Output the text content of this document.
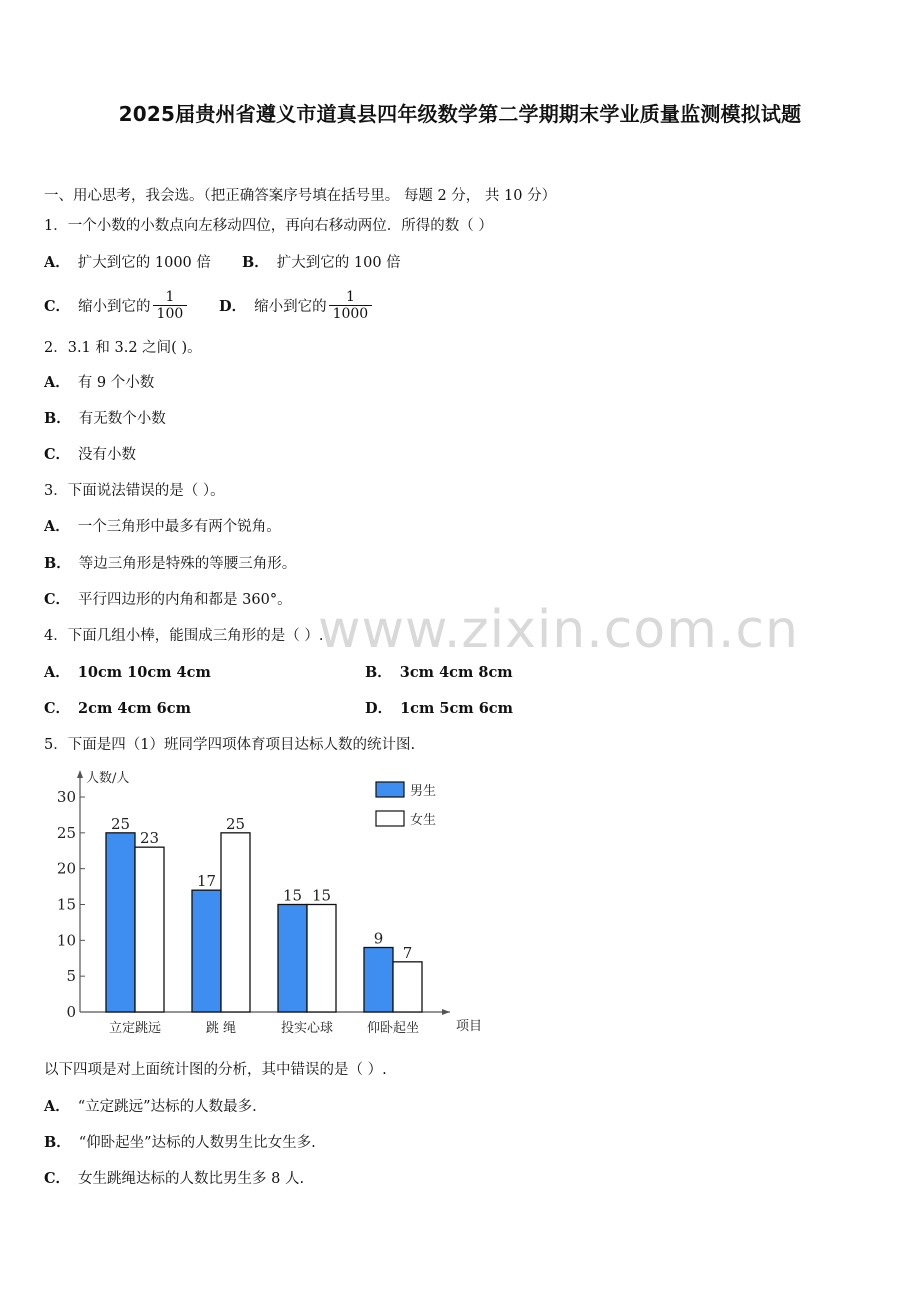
2025届贵州省遵义市道真县四年级数学第二学期期末学业质量监测模拟试题
一、用心思考，我会选。（把正确答案序号填在括号里。 每题 2 分， 共 10 分）
1．一个小数的小数点向左移动四位，再向右移动两位．所得的数（ ）
A． 扩大到它的 1000 倍 B． 扩大到它的 100 倍
C． 缩小到它的 $\frac{1}{100}$ D． 缩小到它的 $\frac{1}{1000}$
2．3.1 和 3.2 之间( )。
A． 有 9 个小数
B． 有无数个小数
C． 没有小数
3．下面说法错误的是（ ）。
A． 一个三角形中最多有两个锐角。
B． 等边三角形是特殊的等腰三角形。
C． 平行四边形的内角和都是 360°。
4．下面几组小棒，能围成三角形的是（ ）.
A． 10cm 10cm 4cm	B． 3cm 4cm 8cm
C． 2cm 4cm 6cm	D． 1cm 5cm 6cm
5．下面是四（1）班同学四项体育项目达标人数的统计图.
0
5
10
15
20
25
30
人数/人
项目
25
23
立定跳远
17
25
跳 绳
15 15
投实心球
9
7
仰卧起坐
男生
女生
以下四项是对上面统计图的分析，其中错误的是（ ）.
A． “立定跳远”达标的人数最多.
B． “仰卧起坐”达标的人数男生比女生多.
C． 女生跳绳达标的人数比男生多 8 人.
www.zixin.com.cn
